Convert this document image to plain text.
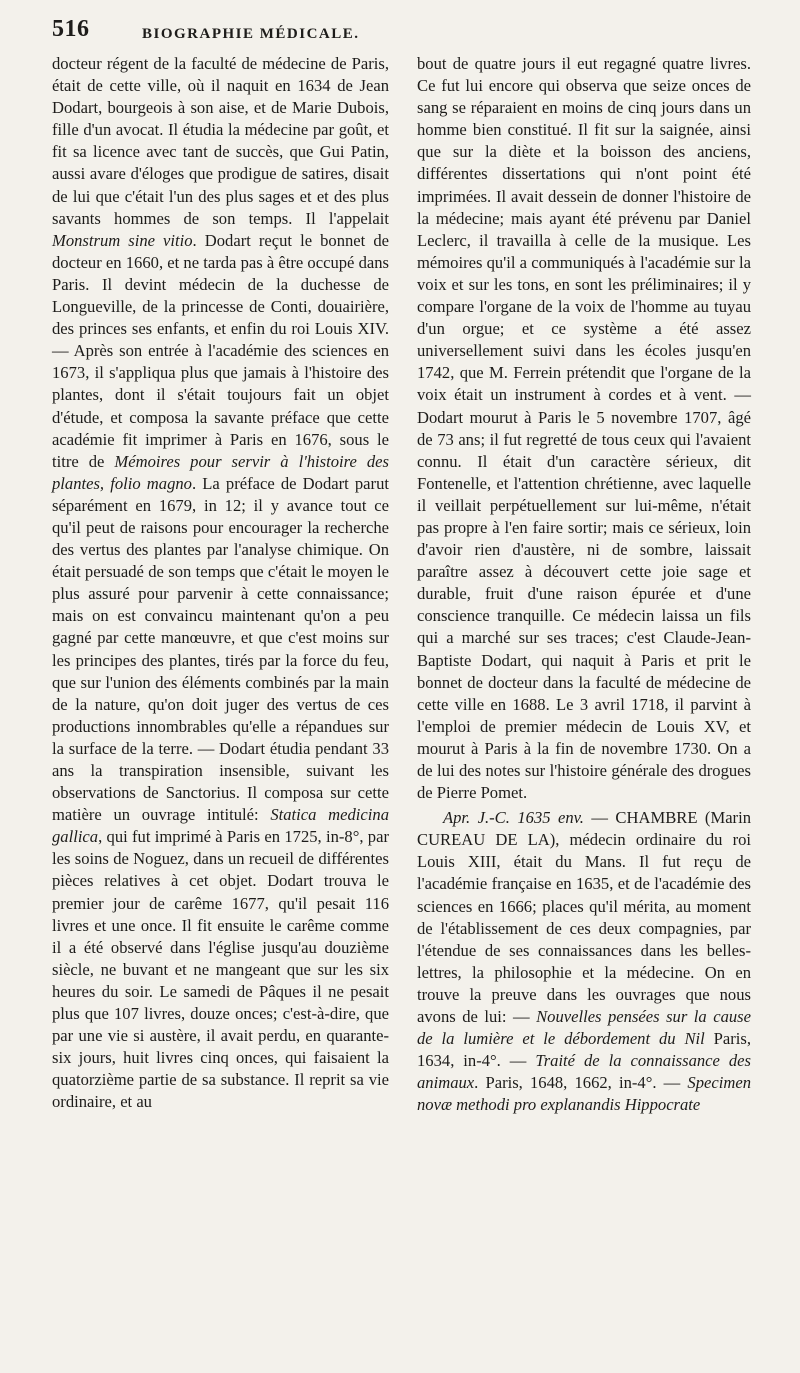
516	BIOGRAPHIE MÉDICALE.

docteur régent de la faculté de médecine de Paris, était de cette ville, où il naquit en 1634 de Jean Dodart, bourgeois à son aise, et de Marie Dubois, fille d'un avocat. Il étudia la médecine par goût, et fit sa licence avec tant de succès, que Gui Patin, aussi avare d'éloges que prodigue de satires, disait de lui que c'était l'un des plus sages et et des plus savants hommes de son temps. Il l'appelait Monstrum sine vitio. Dodart reçut le bonnet de docteur en 1660, et ne tarda pas à être occupé dans Paris. Il devint médecin de la duchesse de Longueville, de la princesse de Conti, douairière, des princes ses enfants, et enfin du roi Louis XIV. — Après son entrée à l'académie des sciences en 1673, il s'appliqua plus que jamais à l'histoire des plantes, dont il s'était toujours fait un objet d'étude, et composa la savante préface que cette académie fit imprimer à Paris en 1676, sous le titre de Mémoires pour servir à l'histoire des plantes, folio magno. La préface de Dodart parut séparément en 1679, in 12; il y avance tout ce qu'il peut de raisons pour encourager la recherche des vertus des plantes par l'analyse chimique. On était persuadé de son temps que c'était le moyen le plus assuré pour parvenir à cette connaissance; mais on est convaincu maintenant qu'on a peu gagné par cette manœuvre, et que c'est moins sur les principes des plantes, tirés par la force du feu, que sur l'union des éléments combinés par la main de la nature, qu'on doit juger des vertus de ces productions innombrables qu'elle a répandues sur la surface de la terre. — Dodart étudia pendant 33 ans la transpiration insensible, suivant les observations de Sanctorius. Il composa sur cette matière un ouvrage intitulé: Statica medicina gallica, qui fut imprimé à Paris en 1725, in-8°, par les soins de Noguez, dans un recueil de différentes pièces relatives à cet objet. Dodart trouva le premier jour de carême 1677, qu'il pesait 116 livres et une once. Il fit ensuite le carême comme il a été observé dans l'église jusqu'au douzième siècle, ne buvant et ne mangeant que sur les six heures du soir. Le samedi de Pâques il ne pesait plus que 107 livres, douze onces; c'est-à-dire, que par une vie si austère, il avait perdu, en quarante-six jours, huit livres cinq onces, qui faisaient la quatorzième partie de sa substance. Il reprit sa vie ordinaire, et au

bout de quatre jours il eut regagné quatre livres. Ce fut lui encore qui observa que seize onces de sang se réparaient en moins de cinq jours dans un homme bien constitué. Il fit sur la saignée, ainsi que sur la diète et la boisson des anciens, différentes dissertations qui n'ont point été imprimées. Il avait dessein de donner l'histoire de la médecine; mais ayant été prévenu par Daniel Leclerc, il travailla à celle de la musique. Les mémoires qu'il a communiqués à l'académie sur la voix et sur les tons, en sont les préliminaires; il y compare l'organe de la voix de l'homme au tuyau d'un orgue; et ce système a été assez universellement suivi dans les écoles jusqu'en 1742, que M. Ferrein prétendit que l'organe de la voix était un instrument à cordes et à vent. — Dodart mourut à Paris le 5 novembre 1707, âgé de 73 ans; il fut regretté de tous ceux qui l'avaient connu. Il était d'un caractère sérieux, dit Fontenelle, et l'attention chrétienne, avec laquelle il veillait perpétuellement sur lui-même, n'était pas propre à l'en faire sortir; mais ce sérieux, loin d'avoir rien d'austère, ni de sombre, laissait paraître assez à découvert cette joie sage et durable, fruit d'une raison épurée et d'une conscience tranquille. Ce médecin laissa un fils qui a marché sur ses traces; c'est Claude-Jean-Baptiste Dodart, qui naquit à Paris et prit le bonnet de docteur dans la faculté de médecine de cette ville en 1688. Le 3 avril 1718, il parvint à l'emploi de premier médecin de Louis XV, et mourut à Paris à la fin de novembre 1730. On a de lui des notes sur l'histoire générale des drogues de Pierre Pomet.

Apr. J.-C. 1635 env. — CHAMBRE (Marin CUREAU DE LA), médecin ordinaire du roi Louis XIII, était du Mans. Il fut reçu de l'académie française en 1635, et de l'académie des sciences en 1666; places qu'il mérita, au moment de l'établissement de ces deux compagnies, par l'étendue de ses connaissances dans les belles-lettres, la philosophie et la médecine. On en trouve la preuve dans les ouvrages que nous avons de lui: — Nouvelles pensées sur la cause de la lumière et le débordement du Nil Paris, 1634, in-4°. — Traité de la connaissance des animaux. Paris, 1648, 1662, in-4°. — Specimen novæ methodi pro explanandis Hippocrate
